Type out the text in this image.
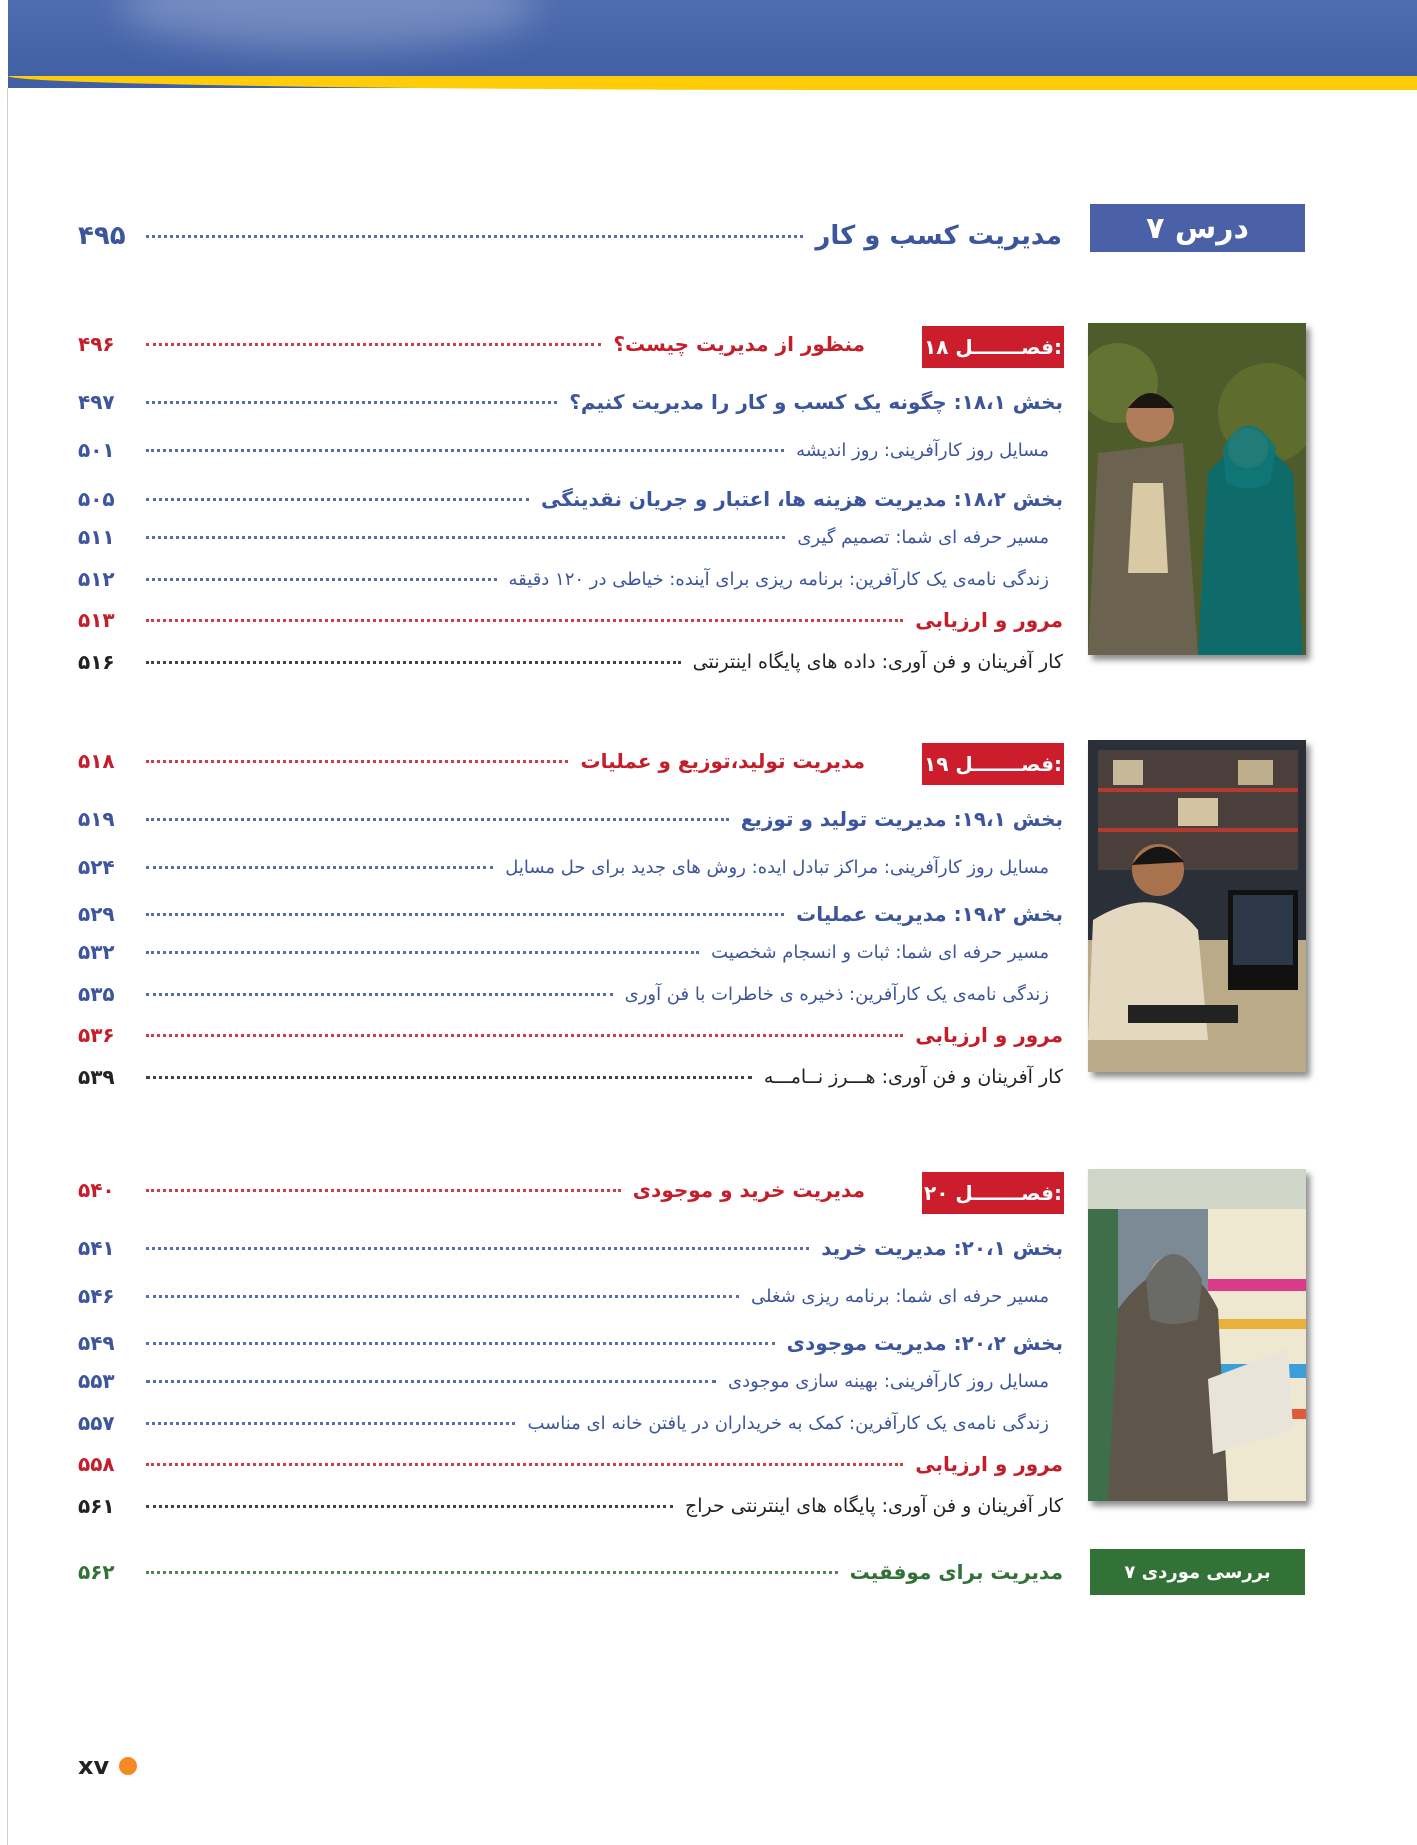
درس ۷
مدیریت کسب و کار
۴۹۵
فصـــــــل ۱۸:
منظور از مدیریت چیست؟
۴۹۶
بخش ۱۸،۱: چگونه یک کسب و کار را مدیریت کنیم؟
۴۹۷
مسایل روز کارآفرینی: روز اندیشه
۵۰۱
بخش ۱۸،۲: مدیریت هزینه ها، اعتبار و جریان نقدینگی
۵۰۵
مسیر حرفه ای شما: تصمیم گیری
۵۱۱
زندگی نامه‌ی یک کارآفرین: برنامه ریزی برای آینده: خیاطی در ۱۲۰ دقیقه
۵۱۲
مرور و ارزیابی
۵۱۳
کار آفرینان و فن آوری: داده های پایگاه اینترنتی
۵۱۶
فصـــــــل ۱۹:
مدیریت تولید،توزیع و عملیات
۵۱۸
بخش ۱۹،۱: مدیریت تولید و توزیع
۵۱۹
مسایل روز کارآفرینی: مراکز تبادل ایده: روش های جدید برای حل مسایل
۵۲۴
بخش ۱۹،۲: مدیریت عملیات
۵۲۹
مسیر حرفه ای شما: ثبات و انسجام شخصیت
۵۳۲
زندگی نامه‌ی یک کارآفرین: ذخیره ی خاطرات با فن آوری
۵۳۵
مرور و ارزیابی
۵۳۶
کار آفرینان و فن آوری: هـــرز نــامـــه
۵۳۹
فصـــــــل ۲۰:
مدیریت خرید و موجودی
۵۴۰
بخش ۲۰،۱: مدیریت خرید
۵۴۱
مسیر حرفه ای شما: برنامه ریزی شغلی
۵۴۶
بخش ۲۰،۲: مدیریت موجودی
۵۴۹
مسایل روز کارآفرینی: بهینه سازی موجودی
۵۵۳
زندگی نامه‌ی یک کارآفرین: کمک به خریداران در یافتن خانه ای مناسب
۵۵۷
مرور و ارزیابی
۵۵۸
کار آفرینان و فن آوری: پایگاه های اینترنتی حراج
۵۶۱
بررسی موردی ۷
مدیریت برای موفقیت
۵۶۲
xv
